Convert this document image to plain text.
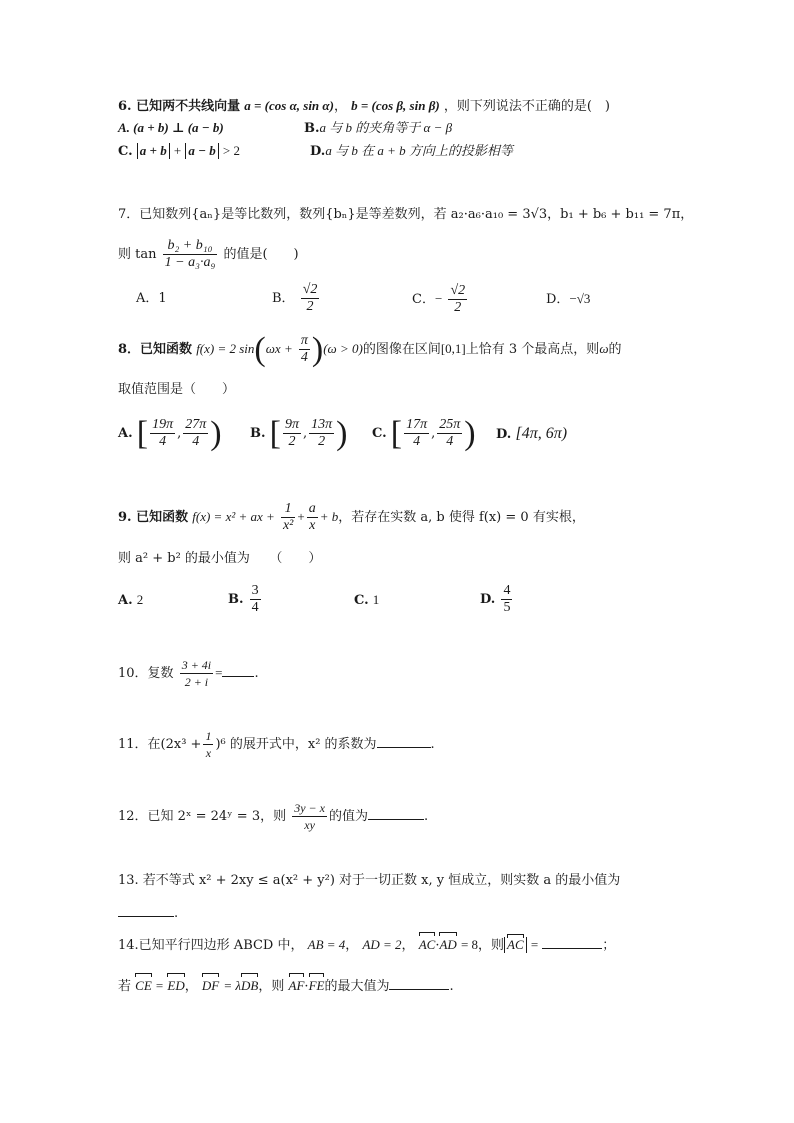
6. 已知两不共线向量 a = (cos α, sin α)， b = (cos β, sin β) ，则下列说法不正确的是(　)
A. (a + b) ⊥ (a − b)	B.a 与 b 的夹角等于 α − β
C. a + b + a − b > 2	D.a 与 b 在 a + b 方向上的投影相等
7．已知数列{aₙ}是等比数列，数列{bₙ}是等差数列，若 a₂·a₆·a₁₀ = 3√3，b₁ + b₆ + b₁₁ = 7π，
则 $\tan \frac{\text{b₂ + b₁₀}}{\text{1 − a₃·a₉}}$ 的值是(　　)
A．1	B． $\frac{√2}{2}$	C．− $\frac{√2}{2}$	D．−√3
8．已知函数 f(x) = 2 $\sin(\omega x + \frac{\pi}{4} )(\omega > 0)$的图像在区间[0,1]上恰有 3 个最高点，则ω的
取值范围是（　　）
A. [ $\frac{19\pi}{4}$ , $\frac{27\pi}{4}$ ) B. [ $\frac{9\pi}{2}$ , $\frac{13\pi}{2}$ ) C. [ $\frac{17\pi}{4}$ , $\frac{25\pi}{4}$ ) D. [4π, 6π)
9. 已知函数 f(x) = x² + ax + $\frac{1}{\text{x²}} + \frac{a}{x} + b$，若存在实数 a, b 使得 f(x) = 0 有实根，
则 a² + b² 的最小值为　　（　　）
A. 2	B. $\frac{3}{4}$	C. 1	D. $\frac{4}{5}$
10．复数 $\frac{3 + 4i}{2 + i}$ = .
11．在$(2x^3 + \frac{1}{x} )^6$ 的展开式中，x² 的系数为	.
12．已知 2ˣ = 24ʸ = 3，则 $\frac{3y - x}{xy}$ 的值为	.
13. 若不等式 x² + 2xy ≤ a(x² + y²) 对于一切正数 x, y 恒成立，则实数 a 的最小值为
.
14.已知平行四边形 ABCD 中， AB = 4， AD = 2， AC·AD = 8，则 AC =	；
若 CE = ED， DF = λDB，则 AF·FE的最大值为	.
